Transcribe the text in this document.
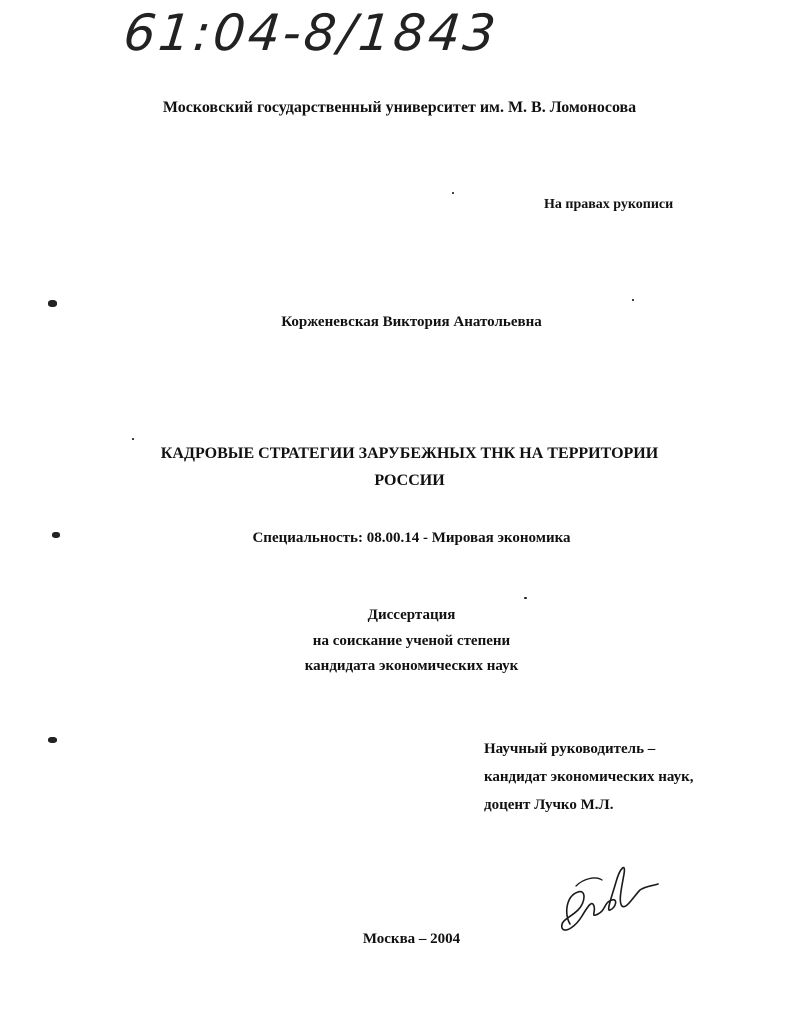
61:04-8/1843
Московский государственный университет им. М. В. Ломоносова
На правах рукописи
Корженевская Виктория Анатольевна
КАДРОВЫЕ СТРАТЕГИИ ЗАРУБЕЖНЫХ ТНК НА ТЕРРИТОРИИ
РОССИИ
Специальность: 08.00.14 - Мировая экономика
Диссертация
на соискание ученой степени
кандидата экономических наук
Научный руководитель –
кандидат экономических наук,
доцент Лучко М.Л.
Москва – 2004
